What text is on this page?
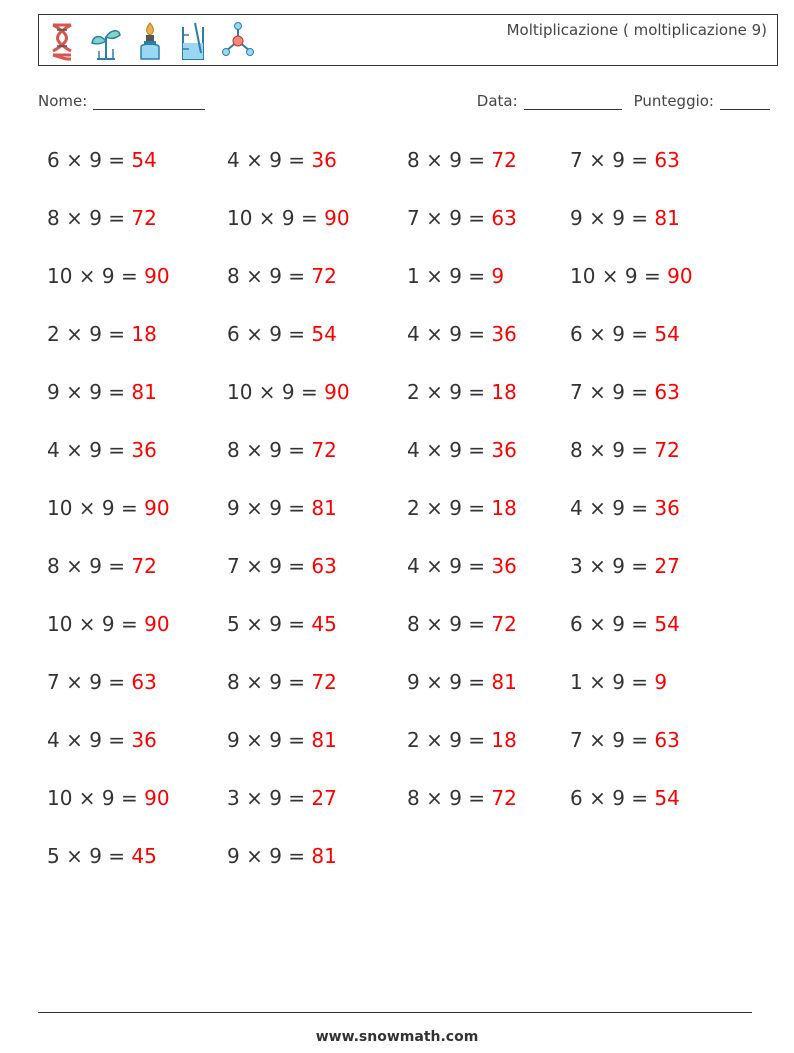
Moltiplicazione ( moltiplicazione 9)
Nome:	Data:	Punteggio:
6 × 9 = 54	4 × 9 = 36	8 × 9 = 72	7 × 9 = 63
8 × 9 = 72	10 × 9 = 90	7 × 9 = 63	9 × 9 = 81
10 × 9 = 90	8 × 9 = 72	1 × 9 = 9	10 × 9 = 90
2 × 9 = 18	6 × 9 = 54	4 × 9 = 36	6 × 9 = 54
9 × 9 = 81	10 × 9 = 90	2 × 9 = 18	7 × 9 = 63
4 × 9 = 36	8 × 9 = 72	4 × 9 = 36	8 × 9 = 72
10 × 9 = 90	9 × 9 = 81	2 × 9 = 18	4 × 9 = 36
8 × 9 = 72	7 × 9 = 63	4 × 9 = 36	3 × 9 = 27
10 × 9 = 90	5 × 9 = 45	8 × 9 = 72	6 × 9 = 54
7 × 9 = 63	8 × 9 = 72	9 × 9 = 81	1 × 9 = 9
4 × 9 = 36	9 × 9 = 81	2 × 9 = 18	7 × 9 = 63
10 × 9 = 90	3 × 9 = 27	8 × 9 = 72	6 × 9 = 54
5 × 9 = 45	9 × 9 = 81
www.snowmath.com
